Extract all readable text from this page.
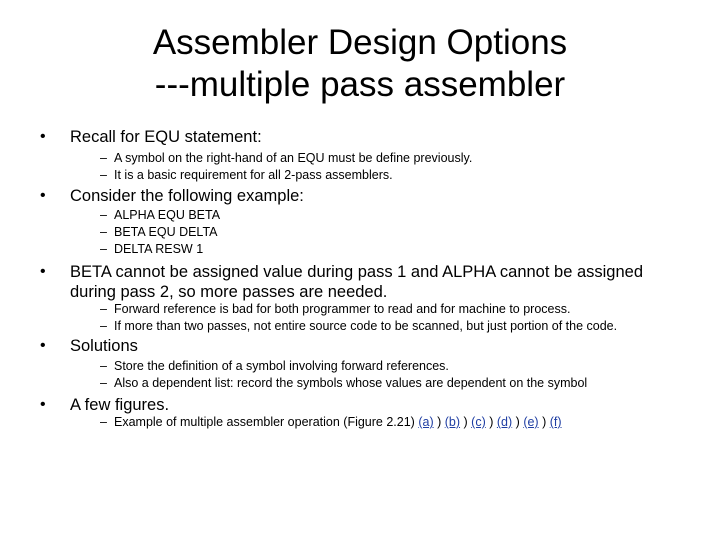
Assembler Design Options
---multiple pass assembler
• Recall for EQU statement:
– A symbol on the right-hand of an EQU must be define previously.
– It is a basic requirement for all 2-pass assemblers.
• Consider the following example:
– ALPHA EQU BETA
– BETA EQU DELTA
– DELTA RESW 1
• BETA cannot be assigned value during pass 1 and ALPHA cannot be assigned during pass 2, so more passes are needed.
– Forward reference is bad for both programmer to read and for machine to process.
– If more than two passes, not entire source code to be scanned, but just portion of the code.
• Solutions
– Store the definition of a symbol involving forward references.
– Also a dependent list: record the symbols whose values are dependent on the symbol
• A few figures.
– Example of multiple assembler operation (Figure 2.21) (a) ) (b) ) (c) ) (d) ) (e) ) (f)
